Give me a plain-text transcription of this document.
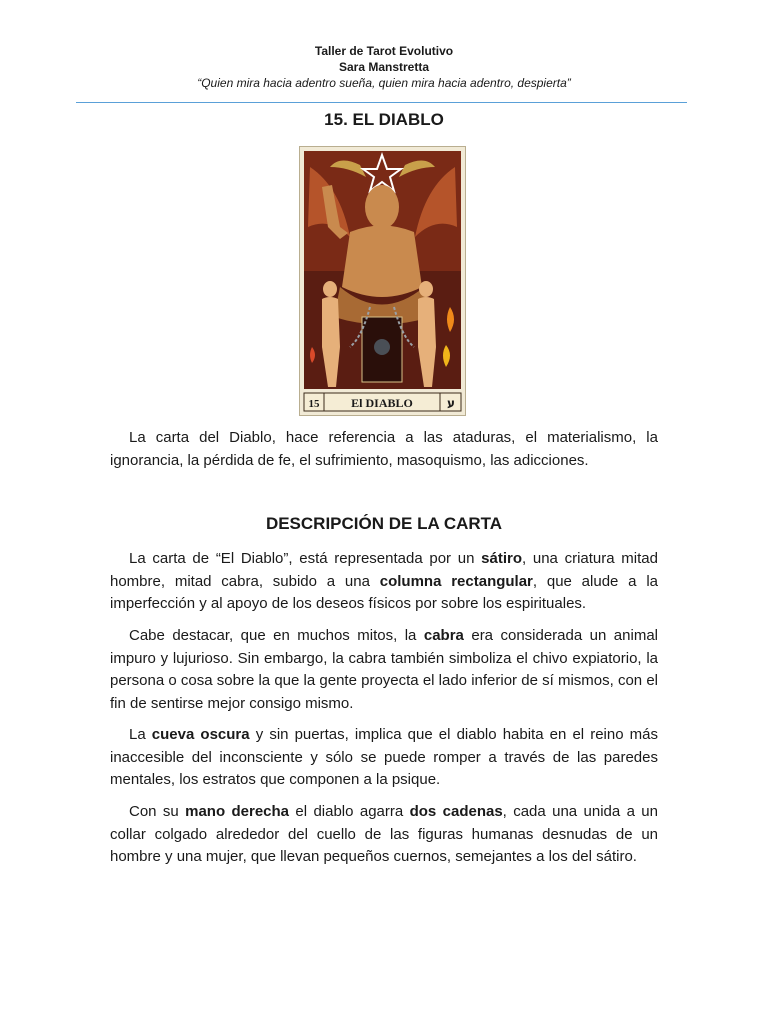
Taller de Tarot Evolutivo
Sara Manstretta
“Quien mira hacia adentro sueña, quien mira hacia adentro, despierta”
15. EL DIABLO
15	El DIABLO	ע
La carta del Diablo, hace referencia a las ataduras, el materialismo, la ignorancia, la pérdida de fe, el sufrimiento, masoquismo, las adicciones.
DESCRIPCIÓN DE LA CARTA
La carta de “El Diablo”, está representada por un sátiro, una criatura mitad hombre, mitad cabra, subido a una columna rectangular, que alude a la imperfección y al apoyo de los deseos físicos por sobre los espirituales.
Cabe destacar, que en muchos mitos, la cabra era considerada un animal impuro y lujurioso. Sin embargo, la cabra también simboliza el chivo expiatorio, la persona o cosa sobre la que la gente proyecta el lado inferior de sí mismos, con el fin de sentirse mejor consigo mismo.
La cueva oscura y sin puertas, implica que el diablo habita en el reino más inaccesible del inconsciente y sólo se puede romper a través de las paredes mentales, los estratos que componen a la psique.
Con su mano derecha el diablo agarra dos cadenas, cada una unida a un collar colgado alrededor del cuello de las figuras humanas desnudas de un hombre y una mujer, que llevan pequeños cuernos, semejantes a los del sátiro.
